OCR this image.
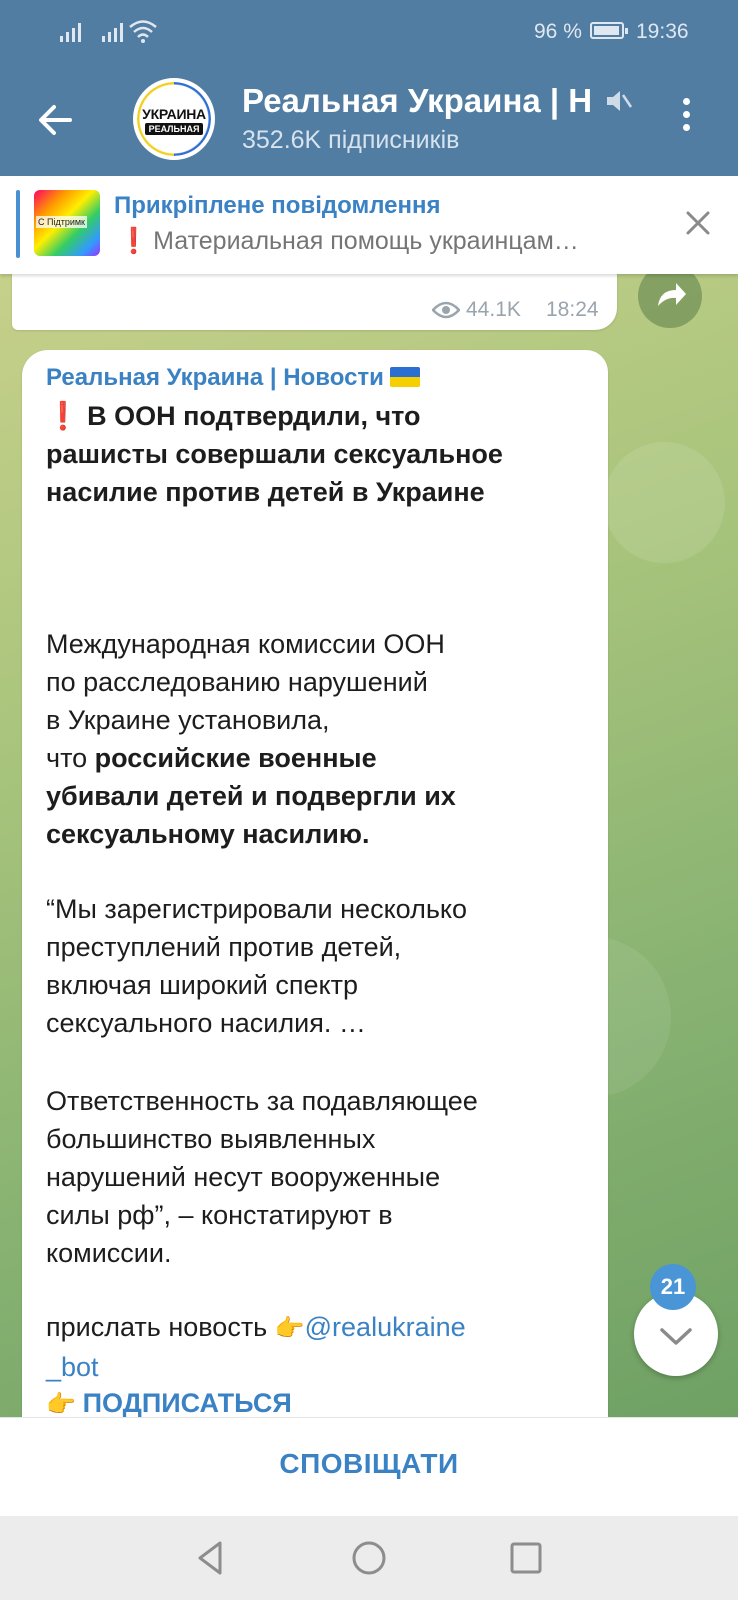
96 %	19:36
УКРАИНА
РЕАЛЬНАЯ
Реальная Украина | Н
352.6K підписників
С Підтримк
Прикріплене повідомлення
❗ Материальная помощь украинцам…
44.1K 18:24
Реальная Украина | Новости
❗ В ООН подтвердили, что
рашисты совершали сексуальное
насилие против детей в Украине
Международная комиссии ООН
по расследованию нарушений
в Украине установила,
что российские военные
убивали детей и подвергли их
сексуальному насилию.
“Мы зарегистрировали несколько
преступлений против детей,
включая широкий спектр
сексуального насилия. …
Ответственность за подавляющее
большинство выявленных
нарушений несут вооруженные
силы рф”, – констатируют в
комиссии.
прислать новость 👉@realukraine
_bot
👉 ПОДПИСАТЬСЯ
21
СПОВІЩАТИ
